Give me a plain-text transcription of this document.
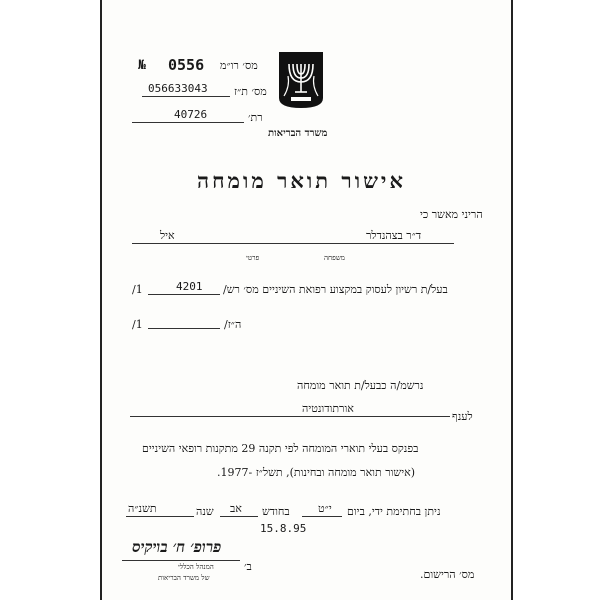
№ 0556 מס׳ רו״מ
056633043 מס׳ ת״ז
40726	רת׳
משרד הבריאות
אישור תואר מומחה
הריני מאשר כי
איל	ד״ר בצהנדלר
פרטי	משפחה
/1	4201 בעל/ת רשיון לעסוק במקצוע רפואת השיניים מס׳ רש/
/1	ה״ז/
נרשמ/ה כבעל/ת תואר מומחה
אורתודונטיה
לענף
בפנקס בעלי תוארי המומחה לפי תקנה 29 מתקנות רופאי השיניים
(אישור תואר מומחה ובחינות), תשל״ז -1977.
תשנ״ה	שנה אב בחודש	י״ט ניתן בחתימת ידי, ביום
15.8.95
פרופ׳ ח׳ בויקיס
ב׳
המנהל הכללי
של משרד הבריאות	מס׳ הרישום.
